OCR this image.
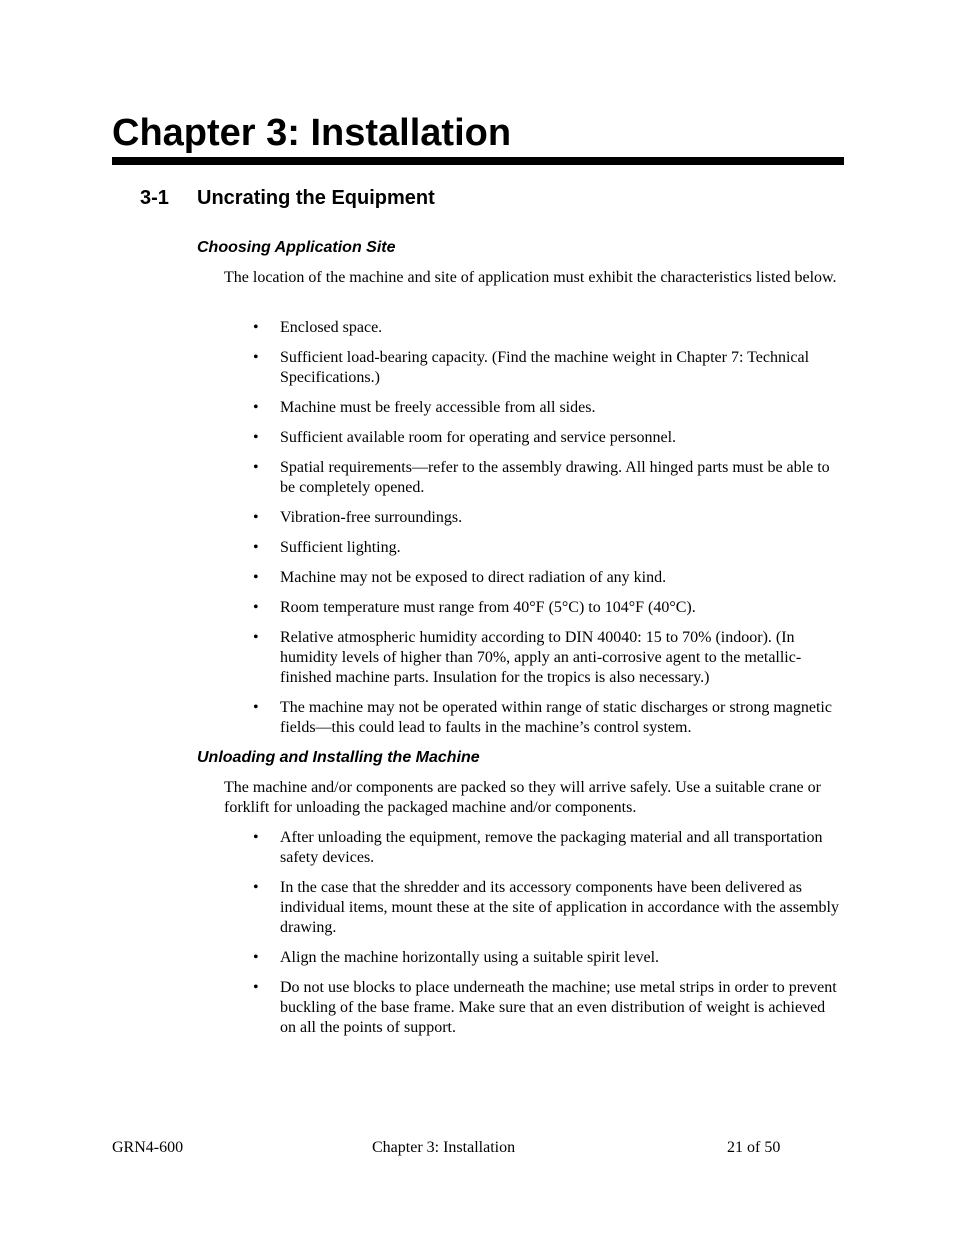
Chapter 3: Installation
3-1 Uncrating the Equipment
Choosing Application Site

The location of the machine and site of application must exhibit the characteristics listed below.

• Enclosed space.
• Sufficient load-bearing capacity. (Find the machine weight in Chapter 7: Technical Specifications.)
• Machine must be freely accessible from all sides.
• Sufficient available room for operating and service personnel.
• Spatial requirements—refer to the assembly drawing. All hinged parts must be able to be completely opened.
• Vibration-free surroundings.
• Sufficient lighting.
• Machine may not be exposed to direct radiation of any kind.
• Room temperature must range from 40°F (5°C) to 104°F (40°C).
• Relative atmospheric humidity according to DIN 40040: 15 to 70% (indoor). (In humidity levels of higher than 70%, apply an anti-corrosive agent to the metallic-finished machine parts. Insulation for the tropics is also necessary.)
• The machine may not be operated within range of static discharges or strong magnetic fields—this could lead to faults in the machine’s control system.
Unloading and Installing the Machine

The machine and/or components are packed so they will arrive safely. Use a suitable crane or forklift for unloading the packaged machine and/or components.

• After unloading the equipment, remove the packaging material and all transportation safety devices.
• In the case that the shredder and its accessory components have been delivered as individual items, mount these at the site of application in accordance with the assembly drawing.
• Align the machine horizontally using a suitable spirit level.
• Do not use blocks to place underneath the machine; use metal strips in order to prevent buckling of the base frame. Make sure that an even distribution of weight is achieved on all the points of support.
GRN4-600	Chapter 3: Installation	21 of 50
